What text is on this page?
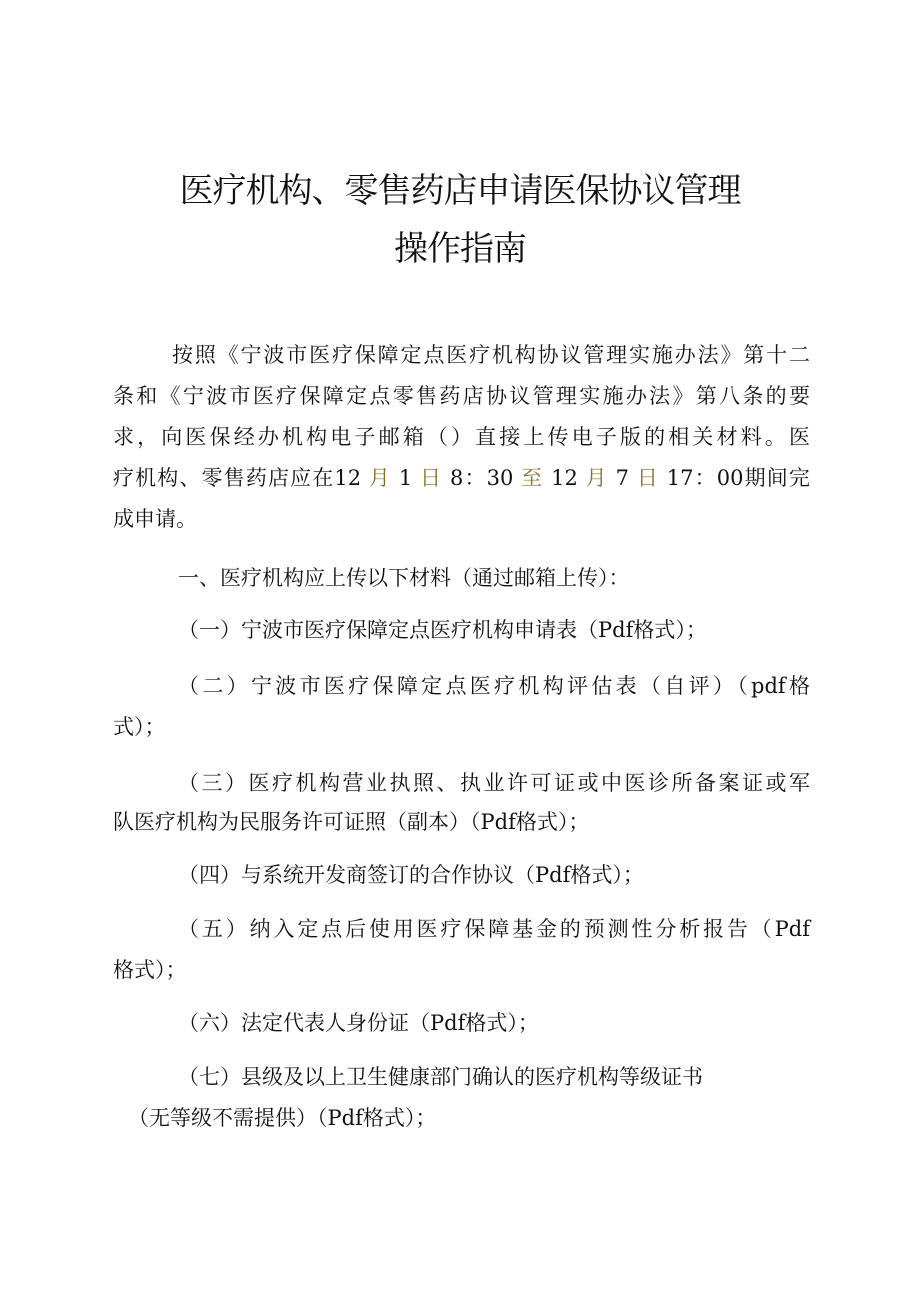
医疗机构、零售药店申请医保协议管理
操作指南
按照《宁波市医疗保障定点医疗机构协议管理实施办法》第十二
条和《宁波市医疗保障定点零售药店协议管理实施办法》第八条的要
求，向医保经办机构电子邮箱（）直接上传电子版的相关材料。医
疗机构、零售药店应在12 月 1 日 8：30 至 12 月 7 日 17：00期间完
成申请。
一、医疗机构应上传以下材料（通过邮箱上传）：
（一）宁波市医疗保障定点医疗机构申请表（Pdf格式）；
（二）宁波市医疗保障定点医疗机构评估表（自评）（pdf格
式）；
（三）医疗机构营业执照、执业许可证或中医诊所备案证或军
队医疗机构为民服务许可证照（副本）（Pdf格式）；
（四）与系统开发商签订的合作协议（Pdf格式）；
（五）纳入定点后使用医疗保障基金的预测性分析报告（Pdf
格式）；
（六）法定代表人身份证（Pdf格式）；
（七）县级及以上卫生健康部门确认的医疗机构等级证书
（无等级不需提供）（Pdf格式）；
